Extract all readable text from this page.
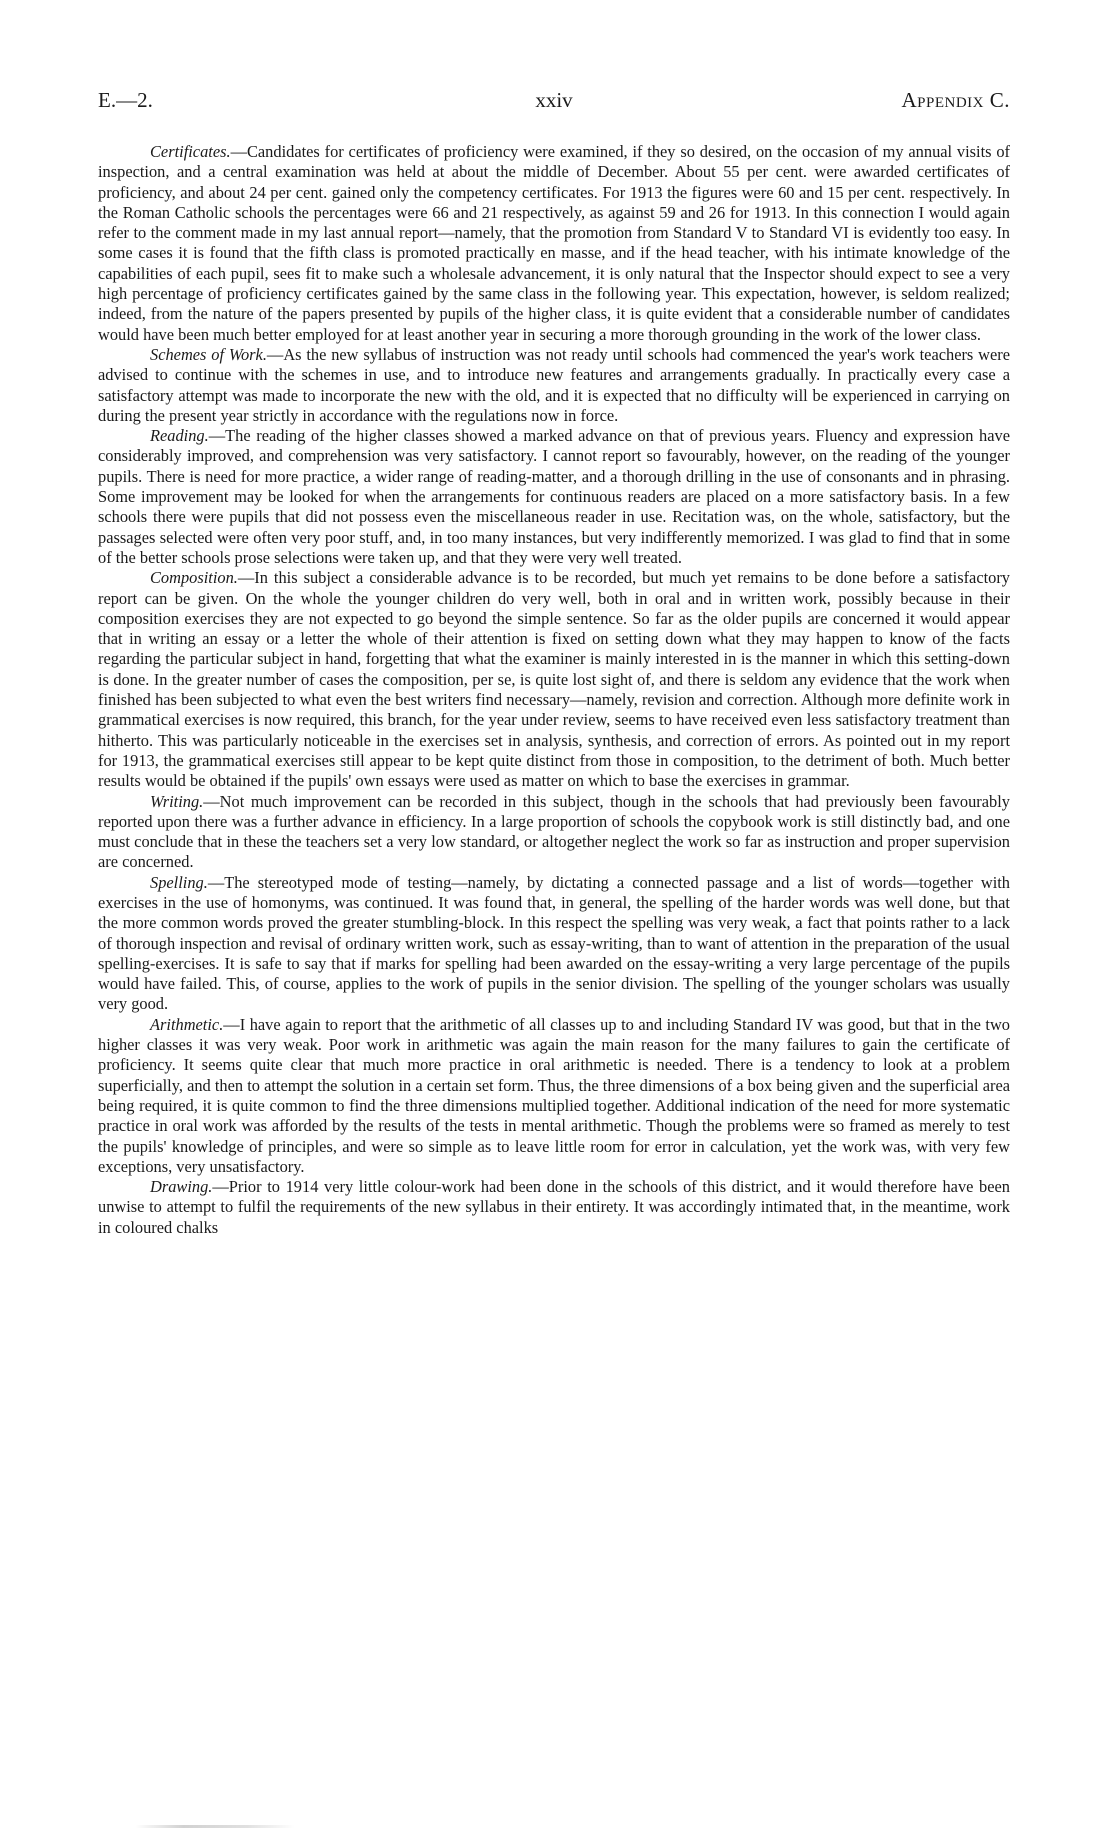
E.—2.	xxiv	Appendix C.

Certificates.—Candidates for certificates of proficiency were examined, if they so desired, on the occasion of my annual visits of inspection, and a central examination was held at about the middle of December. About 55 per cent. were awarded certificates of proficiency, and about 24 per cent. gained only the competency certificates. For 1913 the figures were 60 and 15 per cent. respectively. In the Roman Catholic schools the percentages were 66 and 21 respectively, as against 59 and 26 for 1913. In this connection I would again refer to the comment made in my last annual report—namely, that the promotion from Standard V to Standard VI is evidently too easy. In some cases it is found that the fifth class is promoted practically en masse, and if the head teacher, with his intimate knowledge of the capabilities of each pupil, sees fit to make such a wholesale advancement, it is only natural that the Inspector should expect to see a very high percentage of proficiency certificates gained by the same class in the following year. This expectation, however, is seldom realized; indeed, from the nature of the papers presented by pupils of the higher class, it is quite evident that a considerable number of candidates would have been much better employed for at least another year in securing a more thorough grounding in the work of the lower class.

Schemes of Work.—As the new syllabus of instruction was not ready until schools had commenced the year's work teachers were advised to continue with the schemes in use, and to introduce new features and arrangements gradually. In practically every case a satisfactory attempt was made to incorporate the new with the old, and it is expected that no difficulty will be experienced in carrying on during the present year strictly in accordance with the regulations now in force.

Reading.—The reading of the higher classes showed a marked advance on that of previous years. Fluency and expression have considerably improved, and comprehension was very satisfactory. I cannot report so favourably, however, on the reading of the younger pupils. There is need for more practice, a wider range of reading-matter, and a thorough drilling in the use of consonants and in phrasing. Some improvement may be looked for when the arrangements for continuous readers are placed on a more satisfactory basis. In a few schools there were pupils that did not possess even the miscellaneous reader in use. Recitation was, on the whole, satisfactory, but the passages selected were often very poor stuff, and, in too many instances, but very indifferently memorized. I was glad to find that in some of the better schools prose selections were taken up, and that they were very well treated.

Composition.—In this subject a considerable advance is to be recorded, but much yet remains to be done before a satisfactory report can be given. On the whole the younger children do very well, both in oral and in written work, possibly because in their composition exercises they are not expected to go beyond the simple sentence. So far as the older pupils are concerned it would appear that in writing an essay or a letter the whole of their attention is fixed on setting down what they may happen to know of the facts regarding the particular subject in hand, forgetting that what the examiner is mainly interested in is the manner in which this setting-down is done. In the greater number of cases the composition, per se, is quite lost sight of, and there is seldom any evidence that the work when finished has been subjected to what even the best writers find necessary—namely, revision and correction. Although more definite work in grammatical exercises is now required, this branch, for the year under review, seems to have received even less satisfactory treatment than hitherto. This was particularly noticeable in the exercises set in analysis, synthesis, and correction of errors. As pointed out in my report for 1913, the grammatical exercises still appear to be kept quite distinct from those in composition, to the detriment of both. Much better results would be obtained if the pupils' own essays were used as matter on which to base the exercises in grammar.

Writing.—Not much improvement can be recorded in this subject, though in the schools that had previously been favourably reported upon there was a further advance in efficiency. In a large proportion of schools the copybook work is still distinctly bad, and one must conclude that in these the teachers set a very low standard, or altogether neglect the work so far as instruction and proper supervision are concerned.

Spelling.—The stereotyped mode of testing—namely, by dictating a connected passage and a list of words—together with exercises in the use of homonyms, was continued. It was found that, in general, the spelling of the harder words was well done, but that the more common words proved the greater stumbling-block. In this respect the spelling was very weak, a fact that points rather to a lack of thorough inspection and revisal of ordinary written work, such as essay-writing, than to want of attention in the preparation of the usual spelling-exercises. It is safe to say that if marks for spelling had been awarded on the essay-writing a very large percentage of the pupils would have failed. This, of course, applies to the work of pupils in the senior division. The spelling of the younger scholars was usually very good.

Arithmetic.—I have again to report that the arithmetic of all classes up to and including Standard IV was good, but that in the two higher classes it was very weak. Poor work in arithmetic was again the main reason for the many failures to gain the certificate of proficiency. It seems quite clear that much more practice in oral arithmetic is needed. There is a tendency to look at a problem superficially, and then to attempt the solution in a certain set form. Thus, the three dimensions of a box being given and the superficial area being required, it is quite common to find the three dimensions multiplied together. Additional indication of the need for more systematic practice in oral work was afforded by the results of the tests in mental arithmetic. Though the problems were so framed as merely to test the pupils' knowledge of principles, and were so simple as to leave little room for error in calculation, yet the work was, with very few exceptions, very unsatisfactory.

Drawing.—Prior to 1914 very little colour-work had been done in the schools of this district, and it would therefore have been unwise to attempt to fulfil the requirements of the new syllabus in their entirety. It was accordingly intimated that, in the meantime, work in coloured chalks
